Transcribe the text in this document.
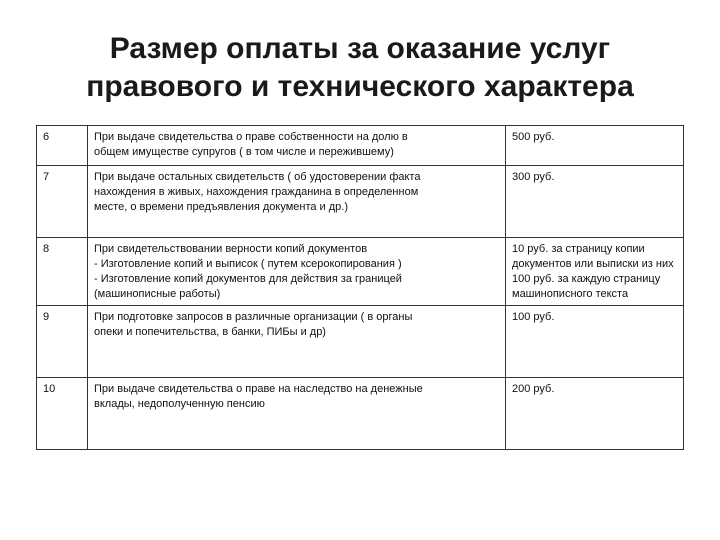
Размер оплаты за оказание услуг
правового и технического характера
6	При выдаче свидетельства о праве собственности на долю в
общем имуществе супругов ( в том числе и пережившему)	500 руб.

7	При выдаче остальных свидетельств ( об удостоверении факта
нахождения в живых, нахождения гражданина в определенном
месте, о времени предъявления документа и др.)	300 руб.

8	При свидетельствовании верности копий документов
- Изготовление копий и выписок ( путем ксерокопирования )
- Изготовление копий документов для действия за границей
(машинописные работы)	10 руб. за страницу копии
документов или выписки из них
100 руб. за каждую страницу
машинописного текста

9	При подготовке запросов в различные организации ( в органы
опеки и попечительства, в банки, ПИБы и др)	100 руб.

10	При выдаче свидетельства о праве на наследство на денежные
вклады, недополученную пенсию	200 руб.
